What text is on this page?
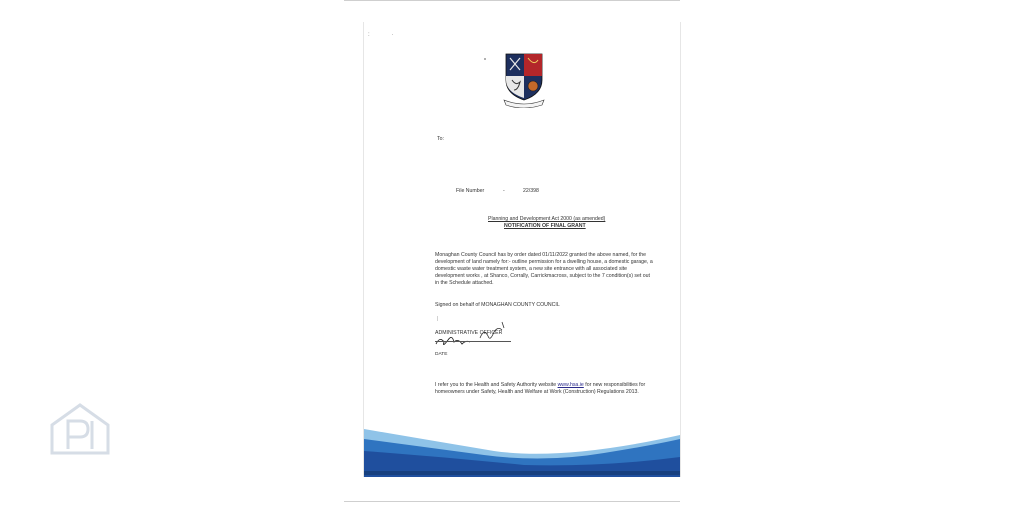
: ·
To:
File Number	-	22/398
Planning and Development Act 2000 (as amended)
NOTIFICATION OF FINAL GRANT
Monaghan County Council has by order dated 01/11/2022 granted the above named, for the development of land namely for:- outline permission for a dwelling house, a domestic garage, a domestic waste water treatment system, a new site entrance with all associated site development works , at Shanco, Corrally, Carrickmacross, subject to the 7 condition(s) set out in the Schedule attached.
Signed on behalf of MONAGHAN COUNTY COUNCIL
|
ADMINISTRATIVE OFFICER
DATE
I refer you to the Health and Safety Authority website www.hsa.ie for new responsibilities for homeowners under Safety, Health and Welfare at Work (Construction) Regulations 2013.
